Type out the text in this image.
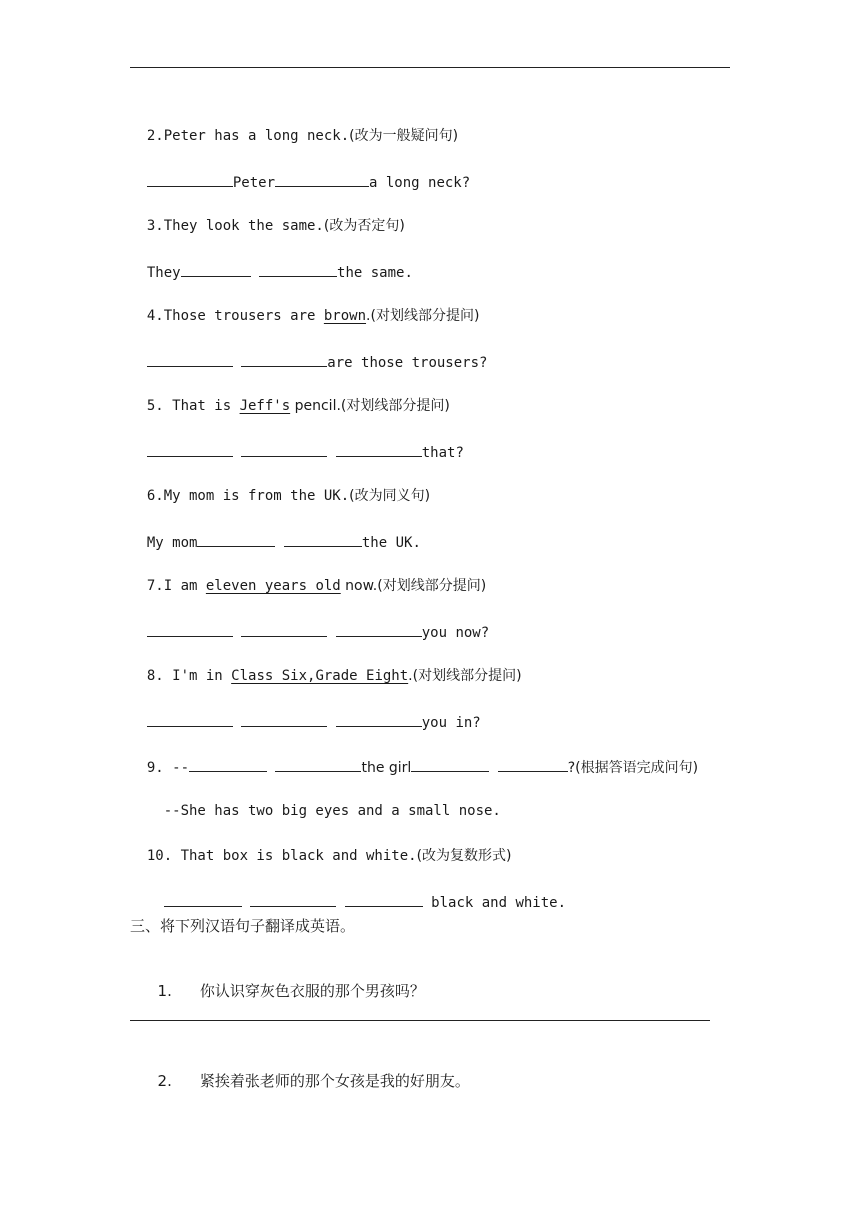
2.Peter has a long neck.(改为一般疑问句)

Peter	a long neck?

3.They look the same.(改为否定句)

They	the same.

4.Those trousers are brown.(对划线部分提问)

are those trousers?

5. That is Jeff's pencil.(对划线部分提问)

that?

6.My mom is from the UK.(改为同义句)

My mom	the UK.

7.I am eleven years old now.(对划线部分提问)

you now?

8. I'm in Class Six,Grade Eight.(对划线部分提问)

you in?

9. --	the girl	?(根据答语完成问句)

--She has two big eyes and a small nose.

10. That box is black and white.(改为复数形式)

black and white.

三、将下列汉语句子翻译成英语。

1. 你认识穿灰色衣服的那个男孩吗？

2. 紧挨着张老师的那个女孩是我的好朋友。
